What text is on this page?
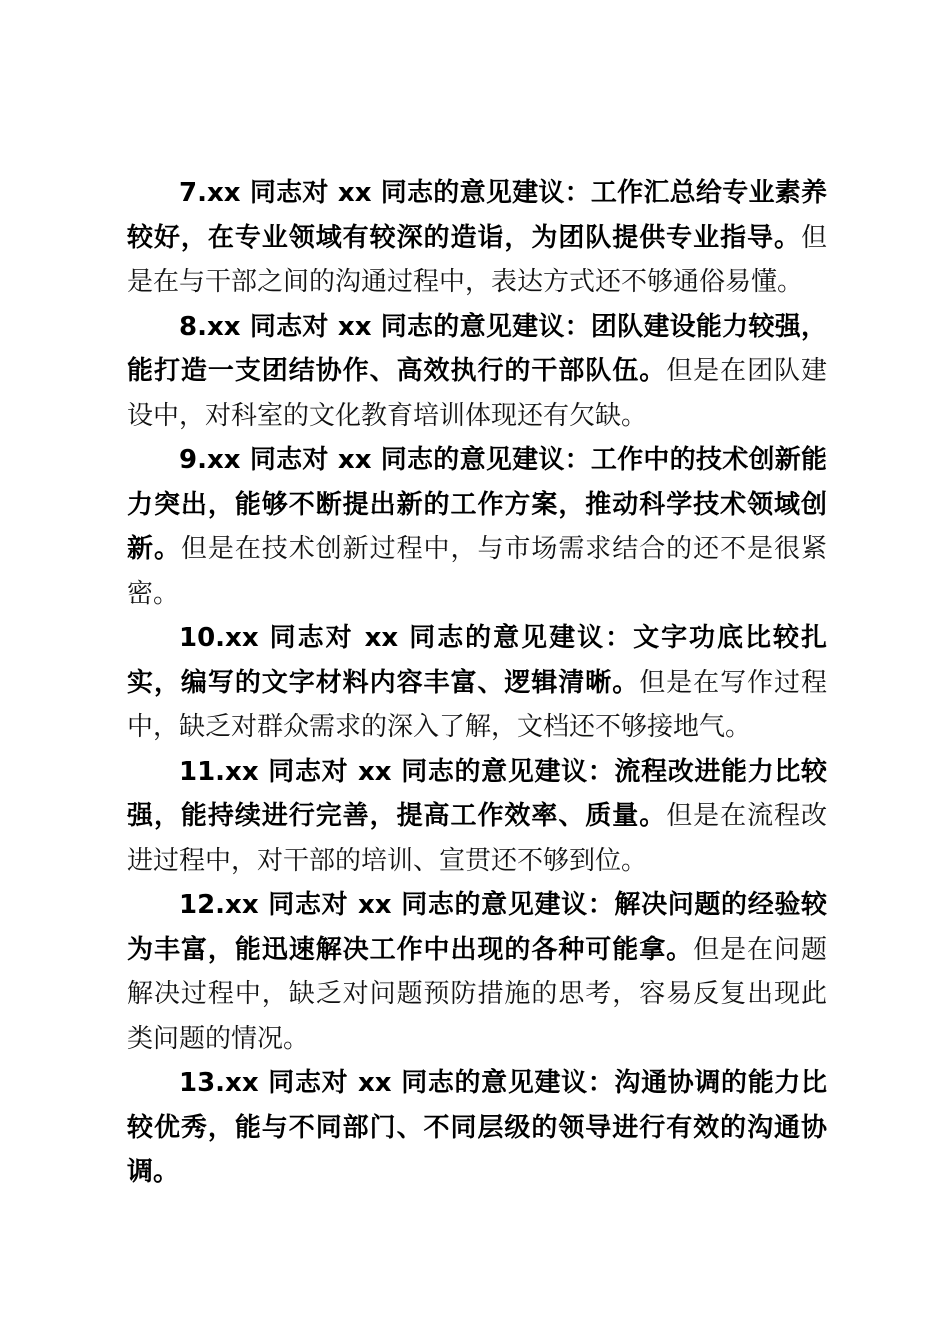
7.xx 同志对 xx 同志的意见建议：工作汇总给专业素养较好，在专业领域有较深的造诣，为团队提供专业指导。但是在与干部之间的沟通过程中，表达方式还不够通俗易懂。

8.xx 同志对 xx 同志的意见建议：团队建设能力较强，能打造一支团结协作、高效执行的干部队伍。但是在团队建设中，对科室的文化教育培训体现还有欠缺。

9.xx 同志对 xx 同志的意见建议：工作中的技术创新能力突出，能够不断提出新的工作方案，推动科学技术领域创新。但是在技术创新过程中，与市场需求结合的还不是很紧密。

10.xx 同志对 xx 同志的意见建议：文字功底比较扎实，编写的文字材料内容丰富、逻辑清晰。但是在写作过程中，缺乏对群众需求的深入了解，文档还不够接地气。

11.xx 同志对 xx 同志的意见建议：流程改进能力比较强，能持续进行完善，提高工作效率、质量。但是在流程改进过程中，对干部的培训、宣贯还不够到位。

12.xx 同志对 xx 同志的意见建议：解决问题的经验较为丰富，能迅速解决工作中出现的各种可能拿。但是在问题解决过程中，缺乏对问题预防措施的思考，容易反复出现此类问题的情况。

13.xx 同志对 xx 同志的意见建议：沟通协调的能力比较优秀，能与不同部门、不同层级的领导进行有效的沟通协调。
